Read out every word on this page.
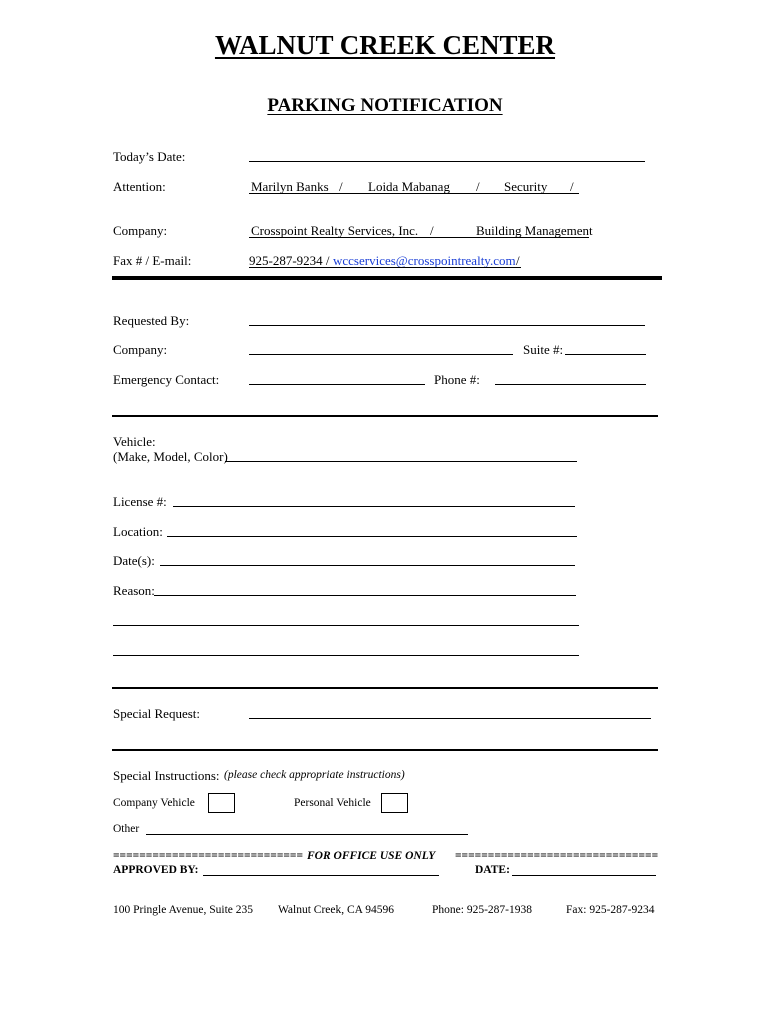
WALNUT CREEK CENTER
PARKING NOTIFICATION
Today’s Date:
Attention:	Marilyn Banks / Loida Mabanag / Security /
Company:	Crosspoint Realty Services, Inc. /	Building Management
Fax # / E-mail:	925-287-9234 / wccservices@crosspointrealty.com /
Requested By:
Company:	Suite #:
Emergency Contact:	Phone #:
Vehicle:
(Make, Model, Color)
License #:
Location:
Date(s):
Reason:
Special Request:
Special Instructions: (please check appropriate instructions)
Company Vehicle	Personal Vehicle
Other
============================= FOR OFFICE USE ONLY ===============================
APPROVED BY:	DATE:
100 Pringle Avenue, Suite 235 Walnut Creek, CA 94596	Phone: 925-287-1938	Fax: 925-287-9234
